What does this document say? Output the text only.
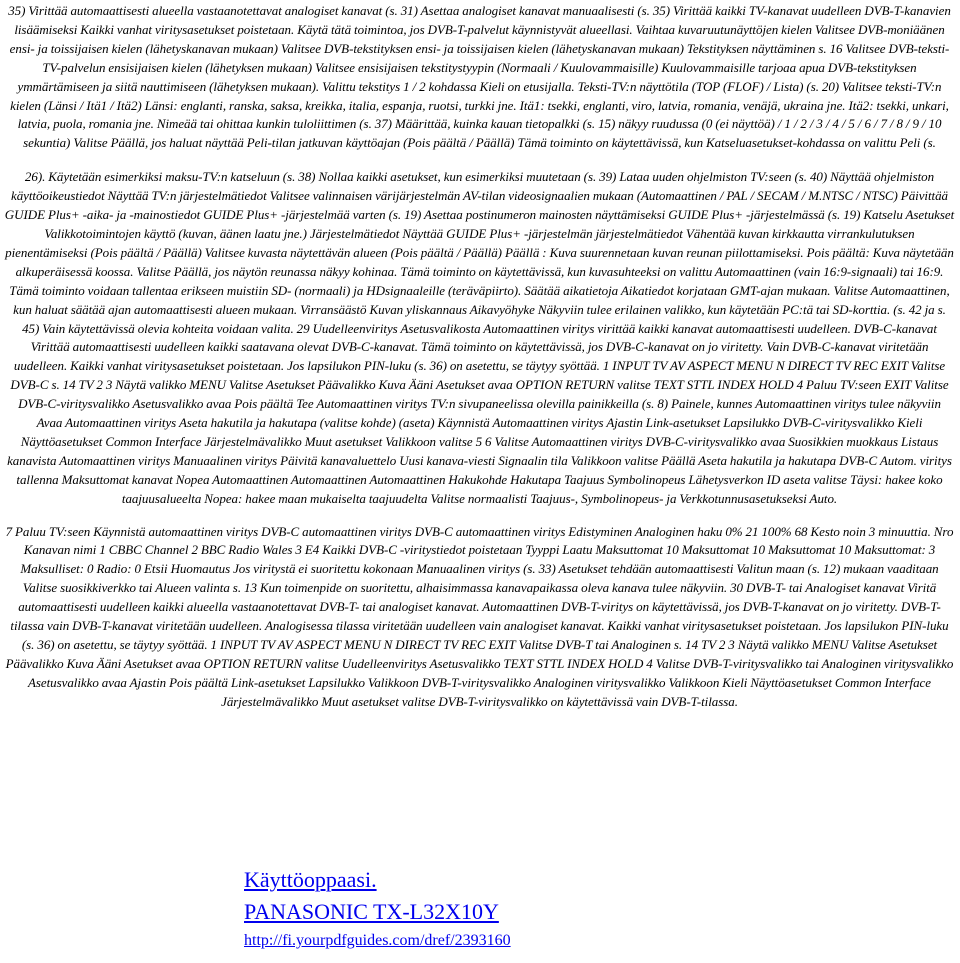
35) Virittää automaattisesti alueella vastaanotettavat analogiset kanavat (s. 31) Asettaa analogiset kanavat manuaalisesti (s. 35) Virittää kaikki TV-kanavat uudelleen DVB-T-kanavien lisäämiseksi Kaikki vanhat viritysasetukset poistetaan. Käytä tätä toimintoa, jos DVB-T-palvelut käynnistyvät alueellasi. Vaihtaa kuvaruutunäyttöjen kielen Valitsee DVB-moniäänen ensi- ja toissijaisen kielen (lähetyskanavan mukaan) Valitsee DVB-tekstityksen ensi- ja toissijaisen kielen (lähetyskanavan mukaan) Tekstityksen näyttäminen s. 16 Valitsee DVB-teksti-TV-palvelun ensisijaisen kielen (lähetyksen mukaan) Valitsee ensisijaisen tekstitystyypin (Normaali / Kuulovammaisille) Kuulovammaisille tarjoaa apua DVB-tekstityksen ymmärtämiseen ja siitä nauttimiseen (lähetyksen mukaan). Valittu tekstitys 1 / 2 kohdassa Kieli on etusijalla. Teksti-TV:n näyttötila (TOP (FLOF) / Lista) (s. 20) Valitsee teksti-TV:n kielen (Länsi / Itä1 / Itä2) Länsi: englanti, ranska, saksa, kreikka, italia, espanja, ruotsi, turkki jne. Itä1: tsekki, englanti, viro, latvia, romania, venäjä, ukraina jne. Itä2: tsekki, unkari, latvia, puola, romania jne. Nimeää tai ohittaa kunkin tuloliittimen (s. 37) Määrittää, kuinka kauan tietopalkki (s. 15) näkyy ruudussa (0 (ei näyttöä) / 1 / 2 / 3 / 4 / 5 / 6 / 7 / 8 / 9 / 10 sekuntia) Valitse Päällä, jos haluat näyttää Peli-tilan jatkuvan käyttöajan (Pois päältä / Päällä) Tämä toiminto on käytettävissä, kun Katseluasetukset-kohdassa on valittu Peli (s.

26). Käytetään esimerkiksi maksu-TV:n katseluun (s. 38) Nollaa kaikki asetukset, kun esimerkiksi muutetaan (s. 39) Lataa uuden ohjelmiston TV:seen (s. 40) Näyttää ohjelmiston käyttöoikeustiedot Näyttää TV:n järjestelmätiedot Valitsee valinnaisen värijärjestelmän AV-tilan videosignaalien mukaan (Automaattinen / PAL / SECAM / M.NTSC / NTSC) Päivittää GUIDE Plus+ -aika- ja -mainostiedot GUIDE Plus+ -järjestelmää varten (s. 19) Asettaa postinumeron mainosten näyttämiseksi GUIDE Plus+ -järjestelmässä (s. 19) Katselu Asetukset Valikkotoimintojen käyttö (kuvan, äänen laatu jne.) Järjestelmätiedot Näyttää GUIDE Plus+ -järjestelmän järjestelmätiedot Vähentää kuvan kirkkautta virrankulutuksen pienentämiseksi (Pois päältä / Päällä) Valitsee kuvasta näytettävän alueen (Pois päältä / Päällä) Päällä : Kuva suurennetaan kuvan reunan piilottamiseksi. Pois päältä: Kuva näytetään alkuperäisessä koossa. Valitse Päällä, jos näytön reunassa näkyy kohinaa. Tämä toiminto on käytettävissä, kun kuvasuhteeksi on valittu Automaattinen (vain 16:9-signaali) tai 16:9. Tämä toiminto voidaan tallentaa erikseen muistiin SD- (normaali) ja HDsignaaleille (teräväpiirto). Säätää aikatietoja Aikatiedot korjataan GMT-ajan mukaan. Valitse Automaattinen, kun haluat säätää ajan automaattisesti alueen mukaan. Virransäästö Kuvan yliskannaus Aikavyöhyke Näkyviin tulee erilainen valikko, kun käytetään PC:tä tai SD-korttia. (s. 42 ja s. 45) Vain käytettävissä olevia kohteita voidaan valita. 29 Uudelleenviritys Asetusvalikosta Automaattinen viritys virittää kaikki kanavat automaattisesti uudelleen. DVB-C-kanavat Virittää automaattisesti uudelleen kaikki saatavana olevat DVB-C-kanavat. Tämä toiminto on käytettävissä, jos DVB-C-kanavat on jo viritetty. Vain DVB-C-kanavat viritetään uudelleen. Kaikki vanhat viritysasetukset poistetaan. Jos lapsilukon PIN-luku (s. 36) on asetettu, se täytyy syöttää. 1 INPUT TV AV ASPECT MENU N DIRECT TV REC EXIT Valitse DVB-C s. 14 TV 2 3 Näytä valikko MENU Valitse Asetukset Päävalikko Kuva Ääni Asetukset avaa OPTION RETURN valitse TEXT STTL INDEX HOLD 4 Paluu TV:seen EXIT Valitse DVB-C-viritysvalikko Asetusvalikko avaa Pois päältä Tee Automaattinen viritys TV:n sivupaneelissa olevilla painikkeilla (s. 8) Painele, kunnes Automaattinen viritys tulee näkyviin Avaa Automaattinen viritys Aseta hakutila ja hakutapa (valitse kohde) (aseta) Käynnistä Automaattinen viritys Ajastin Link-asetukset Lapsilukko DVB-C-viritysvalikko Kieli Näyttöasetukset Common Interface Järjestelmävalikko Muut asetukset Valikkoon valitse 5 6 Valitse Automaattinen viritys DVB-C-viritysvalikko avaa Suosikkien muokkaus Listaus kanavista Automaattinen viritys Manuaalinen viritys Päivitä kanavaluettelo Uusi kanava-viesti Signaalin tila Valikkoon valitse Päällä Aseta hakutila ja hakutapa DVB-C Autom. viritys tallenna Maksuttomat kanavat Nopea Automaattinen Automaattinen Automaattinen Hakukohde Hakutapa Taajuus Symbolinopeus Lähetysverkon ID aseta valitse Täysi: hakee koko taajuusalueelta Nopea: hakee maan mukaiselta taajuudelta Valitse normaalisti Taajuus-, Symbolinopeus- ja Verkkotunnusasetukseksi Auto.

7 Paluu TV:seen Käynnistä automaattinen viritys DVB-C automaattinen viritys DVB-C automaattinen viritys Edistyminen Analoginen haku 0% 21 100% 68 Kesto noin 3 minuuttia. Nro Kanavan nimi 1 CBBC Channel 2 BBC Radio Wales 3 E4 Kaikki DVB-C -viritystiedot poistetaan Tyyppi Laatu Maksuttomat 10 Maksuttomat 10 Maksuttomat 10 Maksuttomat: 3 Maksulliset: 0 Radio: 0 Etsii Huomautus Jos viritystä ei suoritettu kokonaan Manuaalinen viritys (s. 33) Asetukset tehdään automaattisesti Valitun maan (s. 12) mukaan vaaditaan Valitse suosikkiverkko tai Alueen valinta s. 13 Kun toimenpide on suoritettu, alhaisimmassa kanavapaikassa oleva kanava tulee näkyviin. 30 DVB-T- tai Analogiset kanavat Viritä automaattisesti uudelleen kaikki alueella vastaanotettavat DVB-T- tai analogiset kanavat. Automaattinen DVB-T-viritys on käytettävissä, jos DVB-T-kanavat on jo viritetty. DVB-T-tilassa vain DVB-T-kanavat viritetään uudelleen. Analogisessa tilassa viritetään uudelleen vain analogiset kanavat. Kaikki vanhat viritysasetukset poistetaan. Jos lapsilukon PIN-luku (s. 36) on asetettu, se täytyy syöttää. 1 INPUT TV AV ASPECT MENU N DIRECT TV REC EXIT Valitse DVB-T tai Analoginen s. 14 TV 2 3 Näytä valikko MENU Valitse Asetukset Päävalikko Kuva Ääni Asetukset avaa OPTION RETURN valitse Uudelleenviritys Asetusvalikko TEXT STTL INDEX HOLD 4 Valitse DVB-T-viritysvalikko tai Analoginen viritysvalikko Asetusvalikko avaa Ajastin Pois päältä Link-asetukset Lapsilukko Valikkoon DVB-T-viritysvalikko Analoginen viritysvalikko Valikkoon Kieli Näyttöasetukset Common Interface Järjestelmävalikko Muut asetukset valitse DVB-T-viritysvalikko on käytettävissä vain DVB-T-tilassa.

Käyttöoppaasi.
PANASONIC TX-L32X10Y
http://fi.yourpdfguides.com/dref/2393160
